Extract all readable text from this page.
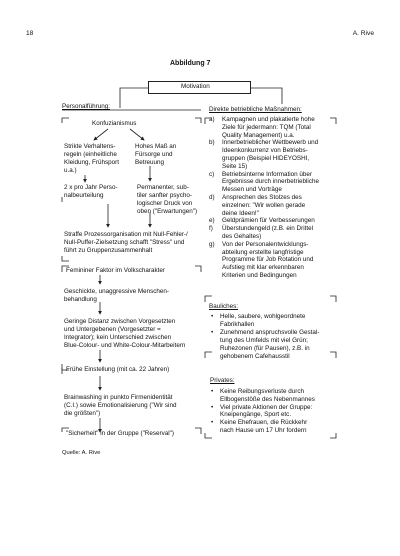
18	A. Rive
Abbildung 7
Motivation
Personalführung:
Konfuzianismus
Strikte Verhaltens-
regeln (einheitliche
Kleidung, Frühsport
u.a.)
Hohes Maß an
Fürsorge und
Betreuung
2 x pro Jahr Perso-
nalbeurteilung
Permanenter, sub-
tiler sanfter psycho-
logischer Druck von
oben ("Erwartungen")
Straffe Prozessorganisation mit Null-Fehler-/
Null-Puffer-Zielsetzung schafft "Stress" und
führt zu Gruppenzusammenhalt
Femininer Faktor im Volkscharakter
Geschickte, unaggressive Menschen-
behandlung
Geringe Distanz zwischen Vorgesetzten
und Untergebenen (Vorgesetzter =
Integrator); kein Unterschied zwischen
Blue-Colour- und White-Colour-Mitarbeitern
Frühe Einstellung (mit ca. 22 Jahren)
Brainwashing in punkto Firmenidentität
(C.I.) sowie Emotionalisierung ("Wir sind
die größten")
"Sicherheit" in der Gruppe ("Reserval")
Quelle: A. Rive
Direkte betriebliche Maßnahmen:
a) Kampagnen und plakatierte hohe
Ziele für jedermann: TQM (Total
Quality Management) u.a.
b) Innerbetrieblicher Wettbewerb und
Ideenkonkurrenz von Betriebs-
gruppen (Beispiel HIDEYOSHI,
Seite 15)
c) Betriebsinterne Information über
Ergebnisse durch innerbetriebliche
Messen und Vorträge
d) Ansprechen des Stolzes des
einzelnen: "Wir wollen gerade
deine Ideen!"
e) Geldprämien für Verbesserungen
f) Überstundengeld (z.B. ein Drittel
des Gehaltes)
g) Von der Personalentwicklungs-
abteilung erstellte langfristige
Programme für Job Rotation und
Aufstieg mit klar erkennbaren
Kriterien und Bedingungen
Bauliches:
• Helle, saubere, wohlgeordnete
Fabrikhallen
• Zunehmend anspruchsvolle Gestal-
tung des Umfelds mit viel Grün;
Ruhezonen (für Pausen), z.B. in
gehobenem Cafehausstil
Privates:
• Keine Reibungsverluste durch
Ellbogenstöße des Nebenmannes
• Viel private Aktionen der Gruppe:
Kneipengänge, Sport etc.
• Keine Ehefrauen, die Rückkehr
nach Hause um 17 Uhr fordern
